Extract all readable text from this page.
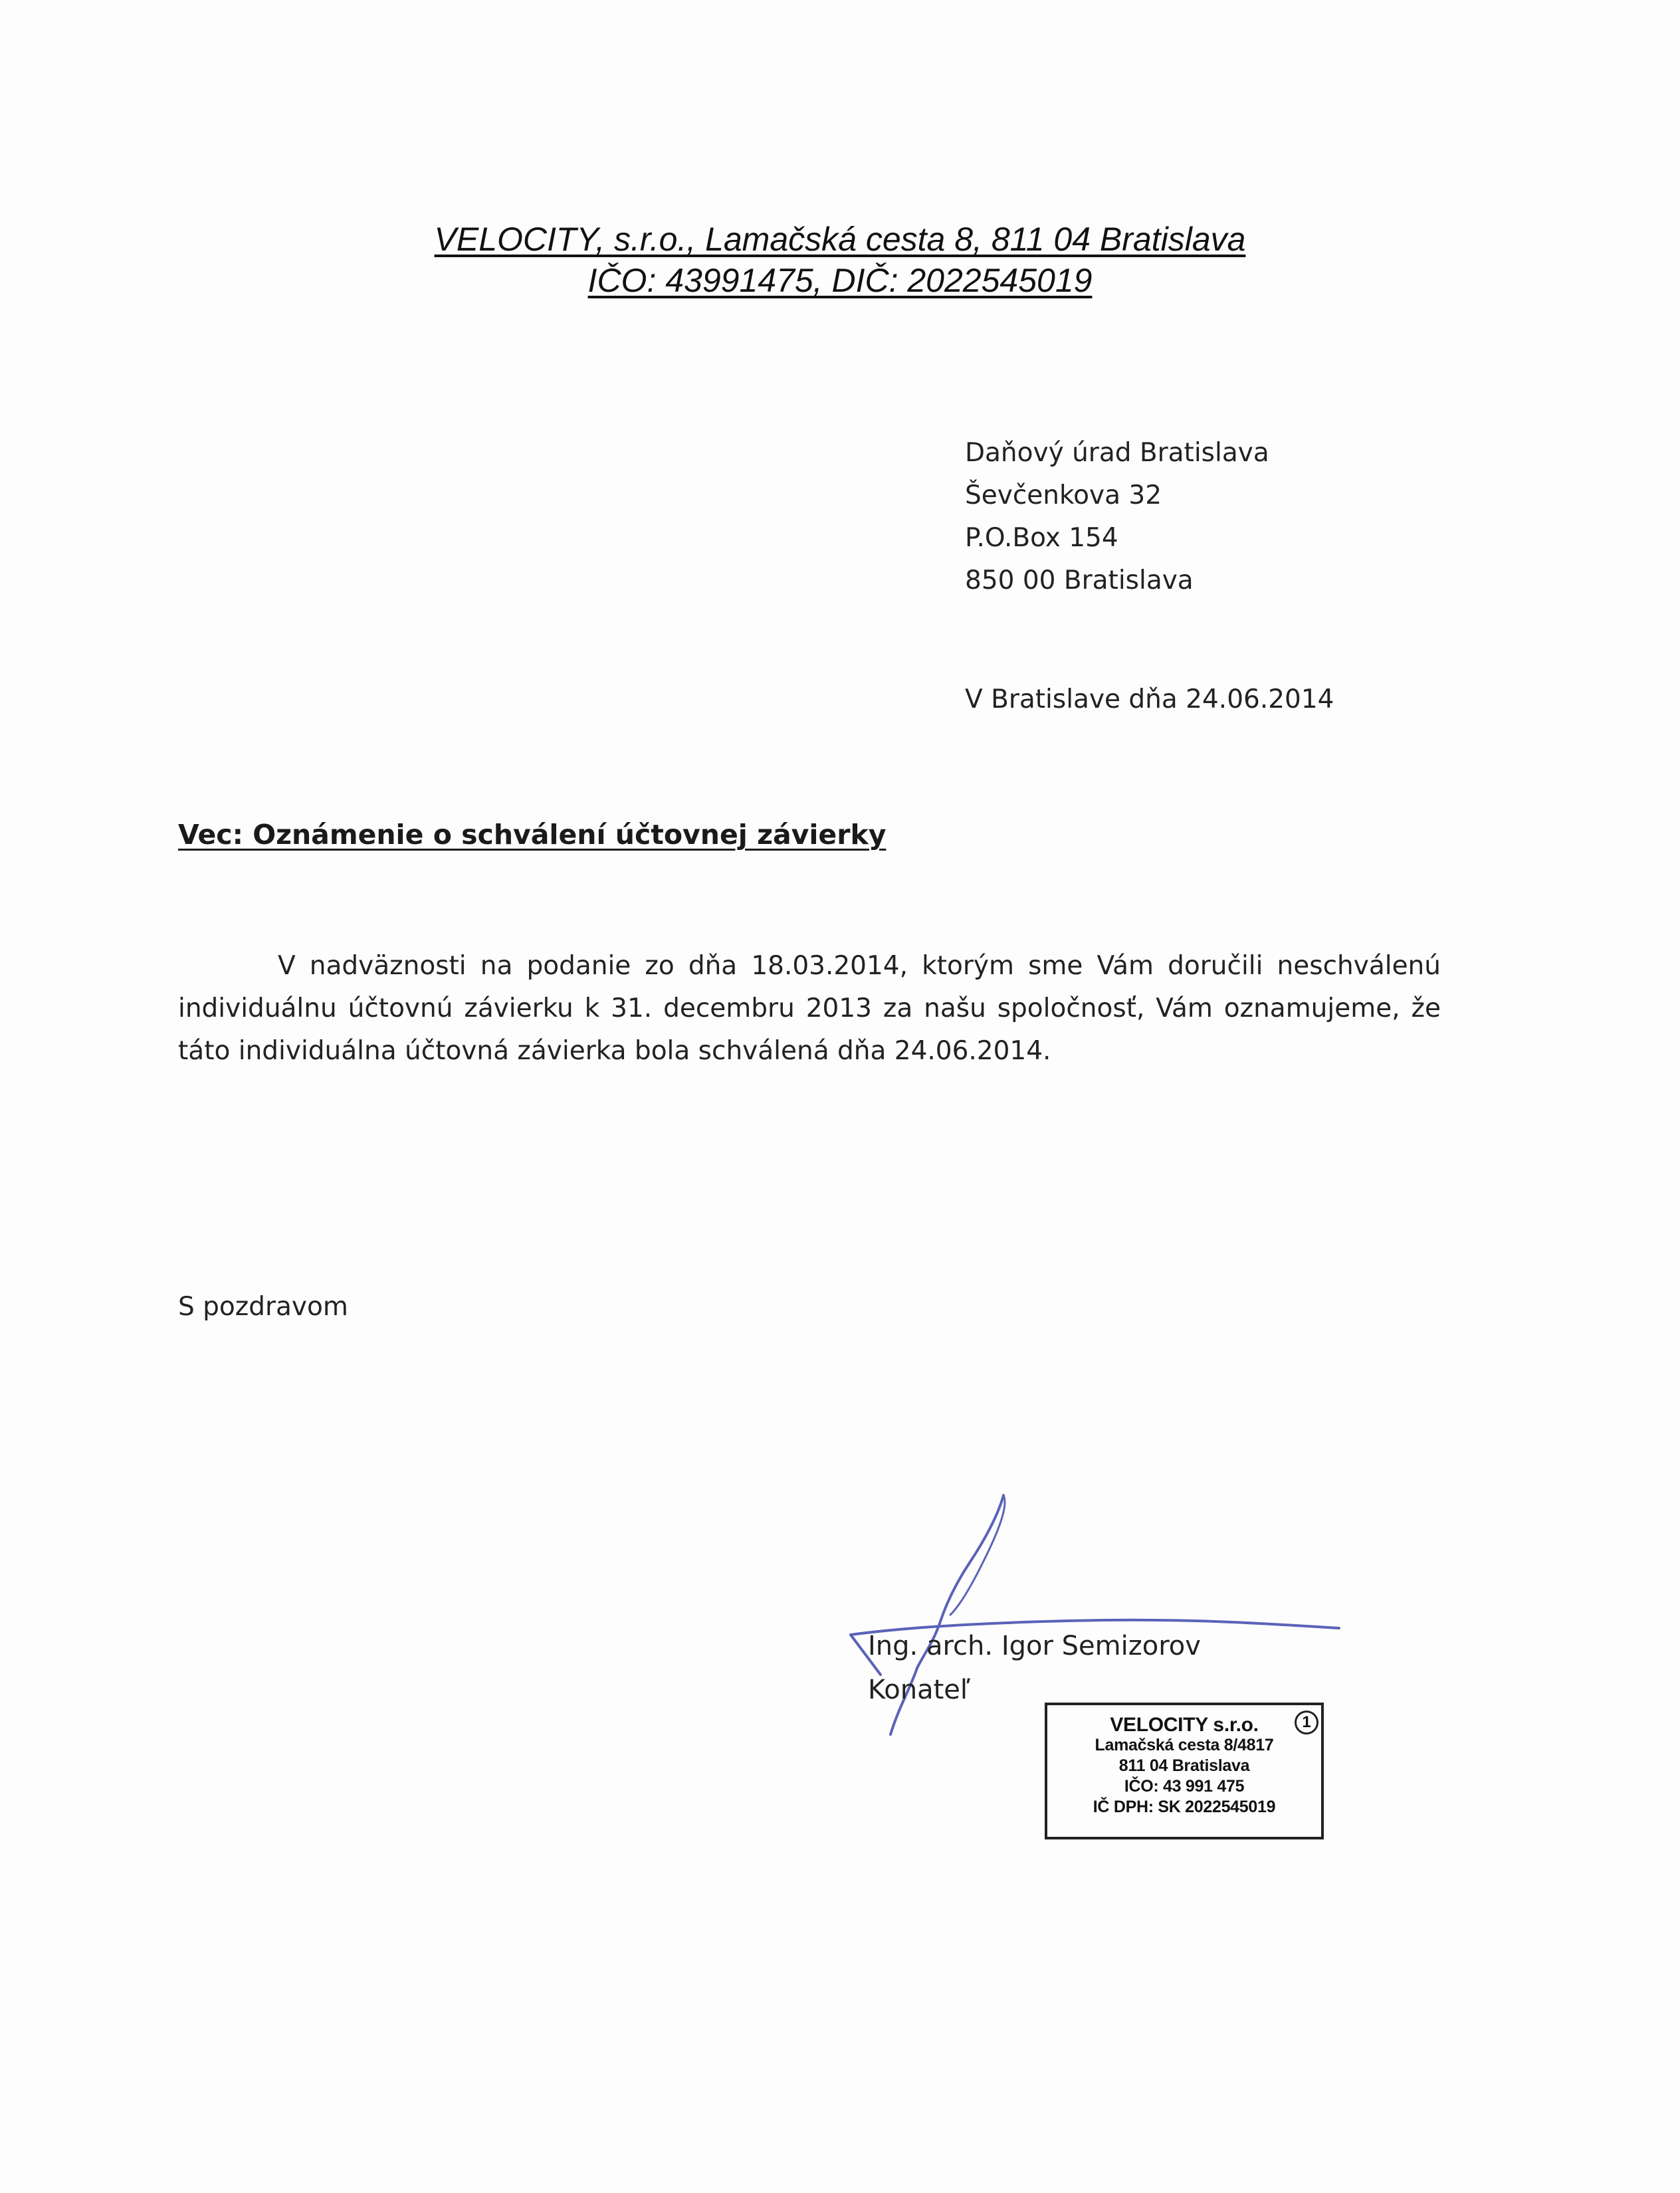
VELOCITY, s.r.o., Lamačská cesta 8, 811 04 Bratislava
IČO: 43991475, DIČ: 2022545019
Daňový úrad Bratislava
Ševčenkova 32
P.O.Box 154
850 00 Bratislava
V Bratislave dňa 24.06.2014
Vec: Oznámenie o schválení účtovnej závierky

V nadväznosti na podanie zo dňa 18.03.2014, ktorým sme Vám doručili neschválenú individuálnu účtovnú závierku k 31. decembru 2013 za našu spoločnosť, Vám oznamujeme, že táto individuálna účtovná závierka bola schválená dňa 24.06.2014.

S pozdravom
Ing. arch. Igor Semizorov
Konateľ
1
VELOCITY s.r.o.
Lamačská cesta 8/4817
811 04 Bratislava
IČO: 43 991 475
IČ DPH: SK 2022545019
